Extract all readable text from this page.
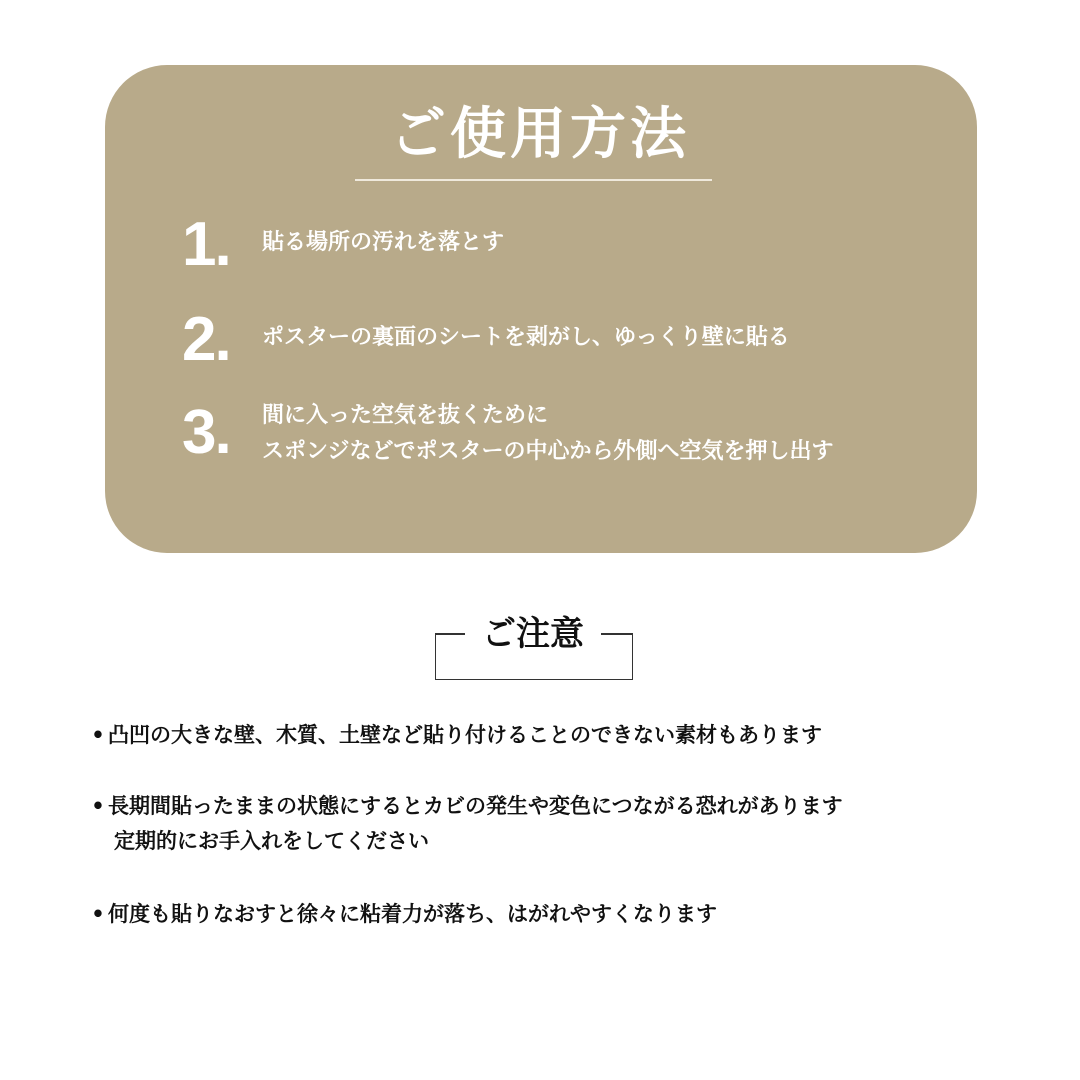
ご使用方法
1.	貼る場所の汚れを落とす
2.	ポスターの裏面のシートを剥がし、ゆっくり壁に貼る
3.	間に入った空気を抜くために
スポンジなどでポスターの中心から外側へ空気を押し出す
ご注意
• 凸凹の大きな壁、木質、土壁など貼り付けることのできない素材もあります
• 長期間貼ったままの状態にするとカビの発生や変色につながる恐れがあります
定期的にお手入れをしてください
• 何度も貼りなおすと徐々に粘着力が落ち、はがれやすくなります
